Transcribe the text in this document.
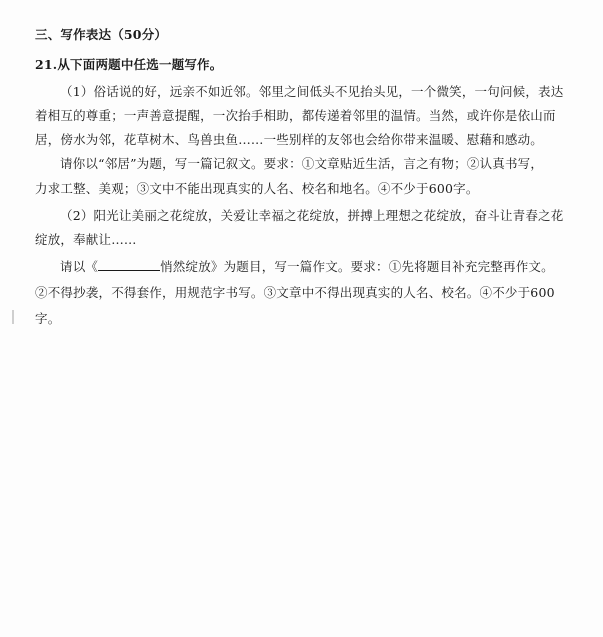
三、写作表达（50分）
21.从下面两题中任选一题写作。
（1）俗话说的好，远亲不如近邻。邻里之间低头不见抬头见，一个微笑，一句问候，表达
着相互的尊重；一声善意提醒，一次抬手相助，都传递着邻里的温情。当然，或许你是依山而
居，傍水为邻，花草树木、鸟兽虫鱼……一些别样的友邻也会给你带来温暖、慰藉和感动。
请你以“邻居”为题，写一篇记叙文。要求：①文章贴近生活，言之有物；②认真书写，
力求工整、美观；③文中不能出现真实的人名、校名和地名。④不少于600字。
（2）阳光让美丽之花绽放，关爱让幸福之花绽放，拼搏上理想之花绽放，奋斗让青春之花
绽放，奉献让……
请以《	悄然绽放》为题目，写一篇作文。要求：①先将题目补充完整再作文。
②不得抄袭，不得套作，用规范字书写。③文章中不得出现真实的人名、校名。④不少于600
字。
